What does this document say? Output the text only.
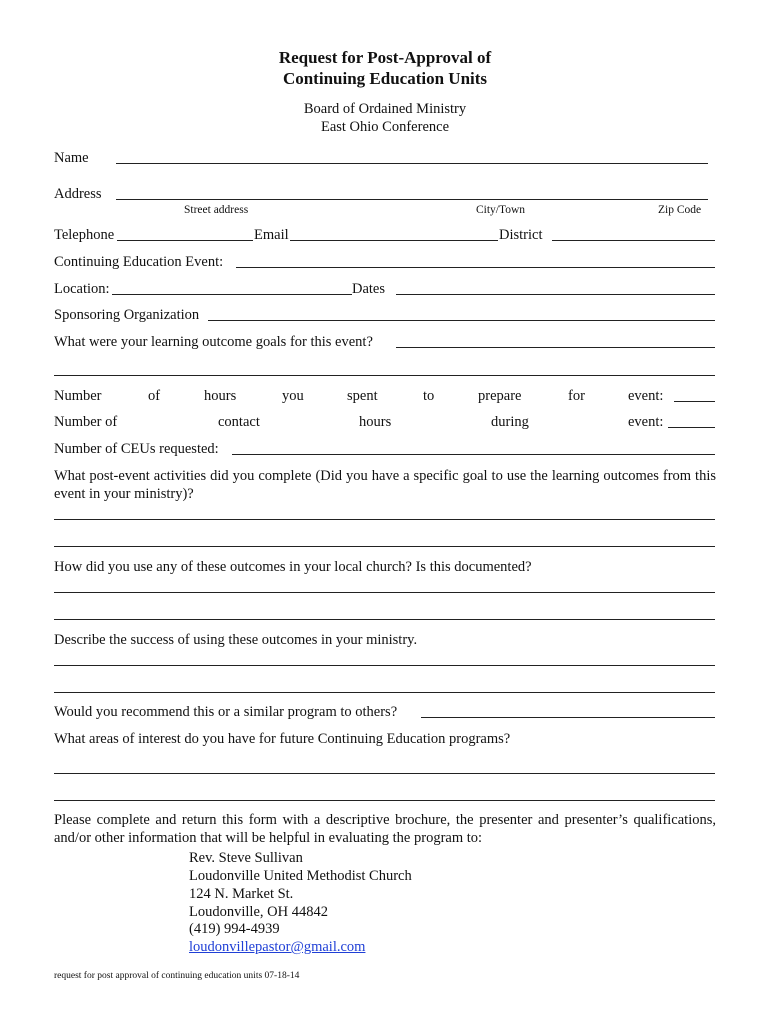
Request for Post-Approval of
Continuing Education Units
Board of Ordained Ministry
East Ohio Conference
Name
Address
Street address	City/Town	Zip Code
Telephone	Email	District
Continuing Education Event:
Location:	Dates
Sponsoring Organization
What were your learning outcome goals for this event?
Number	of	hours	you	spent	to	prepare	for	event:
Number of	contact	hours	during	event:
Number of CEUs requested:
What post-event activities did you complete (Did you have a specific goal to use the learning outcomes from this event in your ministry)?
How did you use any of these outcomes in your local church? Is this documented?
Describe the success of using these outcomes in your ministry.
Would you recommend this or a similar program to others?
What areas of interest do you have for future Continuing Education programs?
Please complete and return this form with a descriptive brochure, the presenter and presenter’s qualifications, and/or other information that will be helpful in evaluating the program to:
Rev. Steve Sullivan
Loudonville United Methodist Church
124 N. Market St.
Loudonville, OH 44842
(419) 994-4939
loudonvillepastor@gmail.com
request for post approval of continuing education units 07-18-14
